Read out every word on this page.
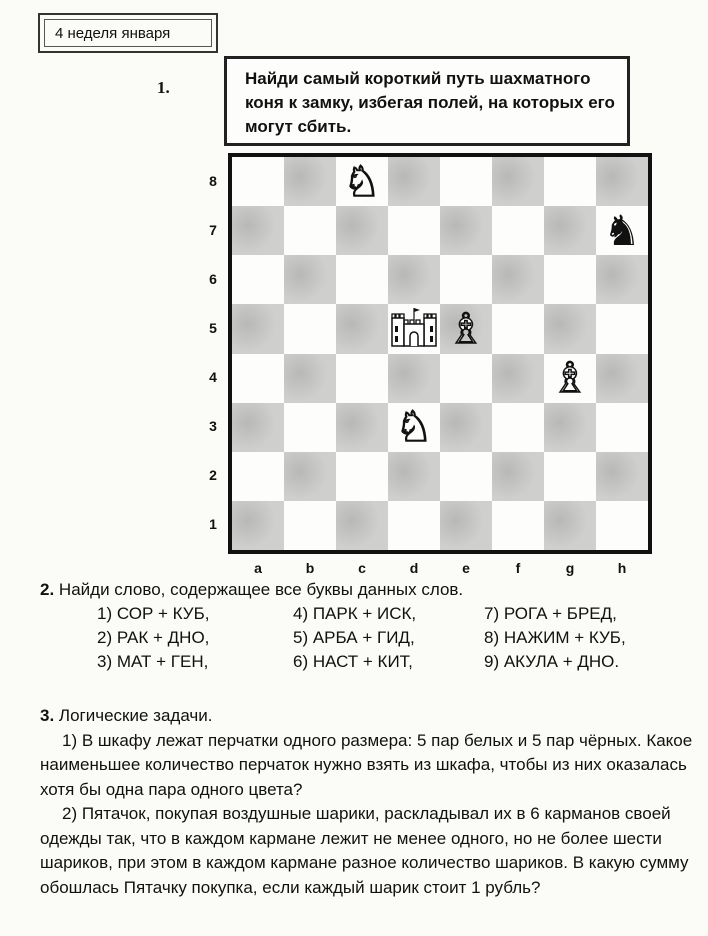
4 неделя января
1.	Найди самый короткий путь шахматного коня к замку, избегая полей, на которых его могут сбить.
♘
♞
♗
♗
♘
8
7
6
5
4
3
2
1
a	b	c	d	e	f	g	h
2. Найди слово, содержащее все буквы данных слов.
1) СОР + КУБ,
2) РАК + ДНО,
3) МАТ + ГЕН,
4) ПАРК + ИСК,
5) АРБА + ГИД,
6) НАСТ + КИТ,
7) РОГА + БРЕД,
8) НАЖИМ + КУБ,
9) АКУЛА + ДНО.

3. Логические задачи.

1) В шкафу лежат перчатки одного размера: 5 пар белых и 5 пар чёрных. Какое наименьшее количество перчаток нужно взять из шкафа, чтобы из них оказалась хотя бы одна пара одного цвета?

2) Пятачок, покупая воздушные шарики, раскладывал их в 6 карманов своей одежды так, что в каждом кармане лежит не менее одного, но не более шести шариков, при этом в каждом кармане разное количество шариков. В какую сумму обошлась Пятачку покупка, если каждый шарик стоит 1 рубль?
